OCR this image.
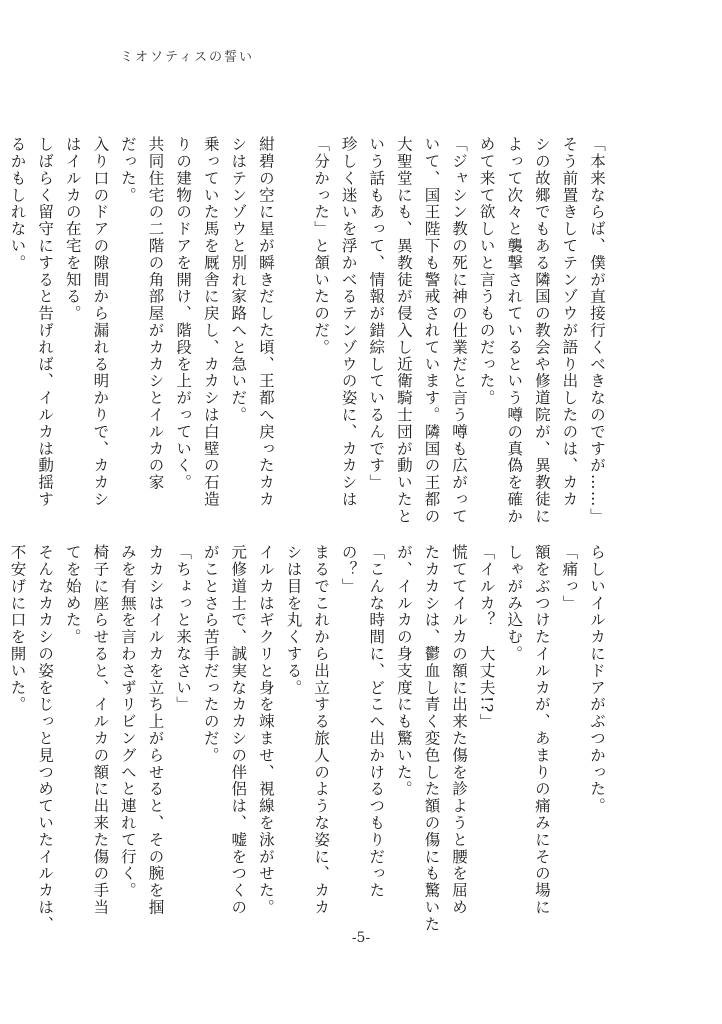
ミオソティスの誓い
「本来ならば、僕が直接行くべきなのですが……」
そう前置きしてテンゾウが語り出したのは、カカ
シの故郷でもある隣国の教会や修道院が、異教徒に
よって次々と襲撃されているという噂の真偽を確か
めて来て欲しいと言うものだった。
「ジャシン教の死に神の仕業だと言う噂も広がって
いて、国王陛下も警戒されています。隣国の王都の
大聖堂にも、異教徒が侵入し近衛騎士団が動いたと
いう話もあって、情報が錯綜しているんです」
珍しく迷いを浮かべるテンゾウの姿に、カカシは
「分かった」と頷いたのだ。

紺碧の空に星が瞬きだした頃、王都へ戻ったカカ
シはテンゾウと別れ家路へと急いだ。
乗っていた馬を厩舎に戻し、カカシは白壁の石造
りの建物のドアを開け、階段を上がっていく。
共同住宅の二階の角部屋がカカシとイルカの家
だった。
入り口のドアの隙間から漏れる明かりで、カカシ
はイルカの在宅を知る。
しばらく留守にすると告げれば、イルカは動揺す
るかもしれない。
らしいイルカにドアがぶつかった。
「痛っ」
額をぶつけたイルカが、あまりの痛みにその場に
しゃがみ込む。
「イルカ？　大丈夫!?」
慌ててイルカの額に出来た傷を診ようと腰を屈め
たカカシは、鬱血し青く変色した額の傷にも驚いた
が、イルカの身支度にも驚いた。
「こんな時間に、どこへ出かけるつもりだった
の？」
まるでこれから出立する旅人のような姿に、カカ
シは目を丸くする。
イルカはギクリと身を竦ませ、視線を泳がせた。
元修道士で、誠実なカカシの伴侶は、嘘をつくの
がことさら苦手だったのだ。
「ちょっと来なさい」
カカシはイルカを立ち上がらせると、その腕を掴
みを有無を言わさずリビングへと連れて行く。
椅子に座らせると、イルカの額に出来た傷の手当
てを始めた。
そんなカカシの姿をじっと見つめていたイルカは、
不安げに口を開いた。
-5-
